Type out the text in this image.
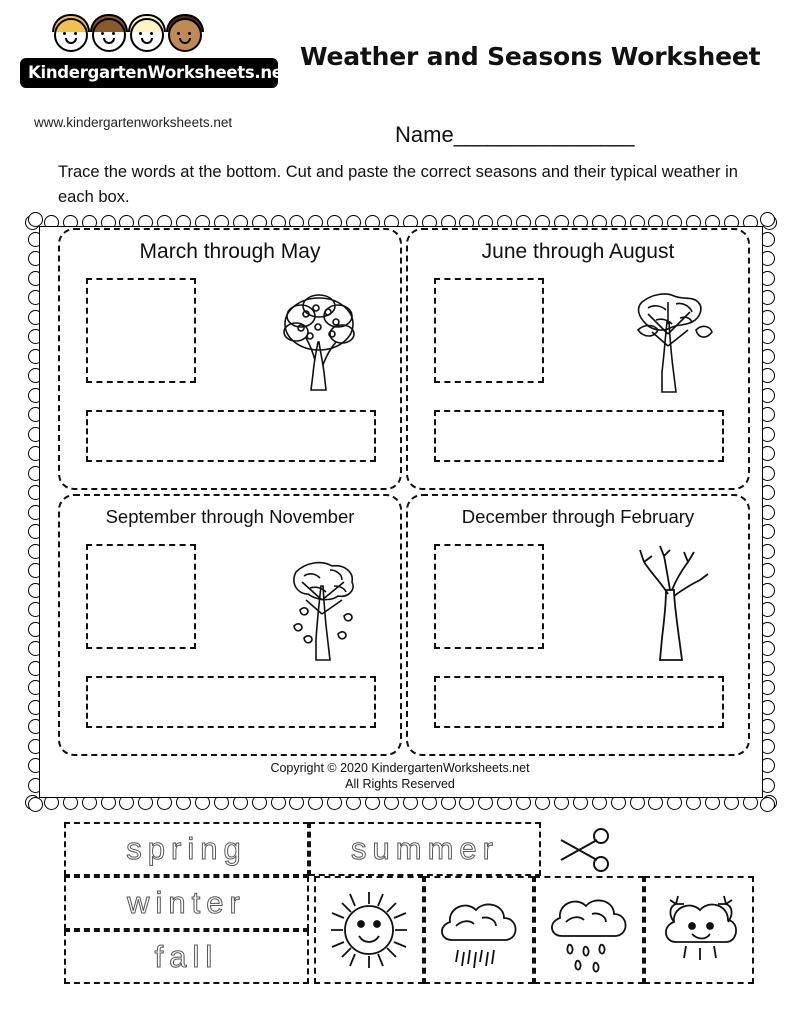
KindergartenWorksheets.net
www.kindergartenworksheets.net
Weather and Seasons Worksheet
Name________________
Trace the words at the bottom. Cut and paste the correct seasons and their typical weather in each box.
March through May	June through August
September through November	December through February
Copyright © 2020 KindergartenWorksheets.net
All Rights Reserved
spring	summer
winter
fall
